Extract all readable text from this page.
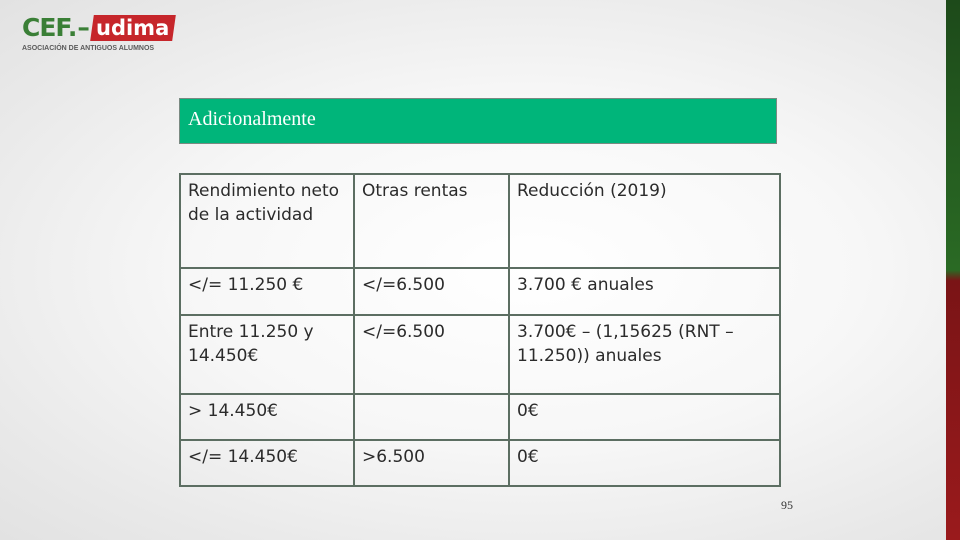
CEF. – udima
ASOCIACIÓN DE ANTIGUOS ALUMNOS
Adicionalmente
Rendimiento neto de la actividad	Otras rentas	Reducción (2019)
</= 11.250 €	</=6.500	3.700 € anuales
Entre 11.250 y 14.450€	</=6.500	3.700€ – (1,15625 (RNT – 11.250)) anuales
> 14.450€		0€
</= 14.450€	>6.500	0€
95
